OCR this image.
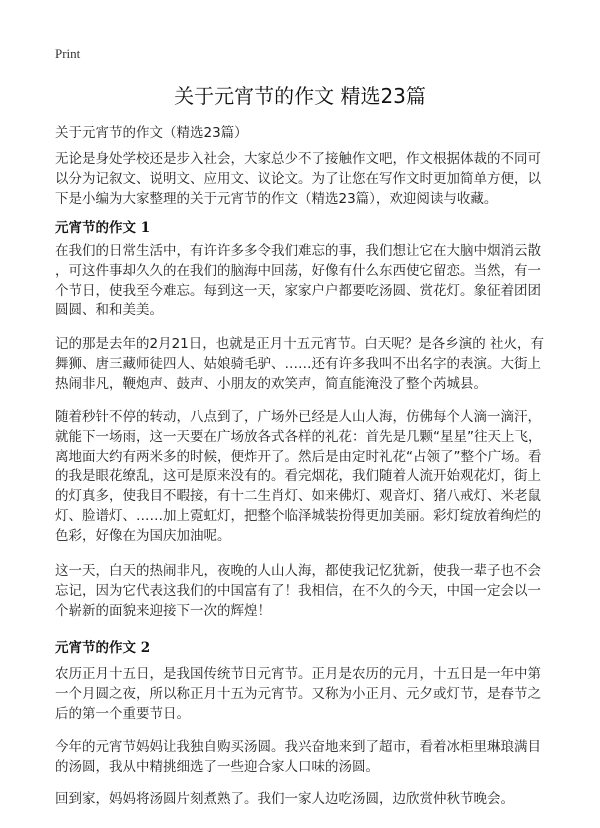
Print
关于元宵节的作文 精选23篇
关于元宵节的作文（精选23篇）
无论是身处学校还是步入社会，大家总少不了接触作文吧，作文根据体裁的不同可
以分为记叙文、说明文、应用文、议论文。为了让您在写作文时更加简单方便，以
下是小编为大家整理的关于元宵节的作文（精选23篇），欢迎阅读与收藏。
元宵节的作文 1
在我们的日常生活中，有许许多多令我们难忘的事，我们想让它在大脑中烟消云散
，可这件事却久久的在我们的脑海中回荡，好像有什么东西使它留恋。当然，有一
个节日，使我至今难忘。每到这一天，家家户户都要吃汤圆、赏花灯。象征着团团
圆圆、和和美美。
记的那是去年的2月21日，也就是正月十五元宵节。白天呢？是各乡演的 社火，有
舞狮、唐三藏师徒四人、姑娘骑毛驴、……还有许多我叫不出名字的表演。大街上
热闹非凡，鞭炮声、鼓声、小朋友的欢笑声，简直能淹没了整个芮城县。
随着秒针不停的转动，八点到了，广场外已经是人山人海，仿佛每个人滴一滴汗，
就能下一场雨，这一天要在广场放各式各样的礼花：首先是几颗“星星”往天上飞，
离地面大约有两米多的时候，便炸开了。然后是由定时礼花“占领了”整个广场。看
的我是眼花缭乱，这可是原来没有的。看完烟花，我们随着人流开始观花灯，街上
的灯真多，使我目不暇接，有十二生肖灯、如来佛灯、观音灯、猪八戒灯、米老鼠
灯、脸谱灯、……加上霓虹灯，把整个临泽城装扮得更加美丽。彩灯绽放着绚烂的
色彩，好像在为国庆加油呢。
这一天，白天的热闹非凡，夜晚的人山人海，都使我记忆犹新，使我一辈子也不会
忘记，因为它代表这我们的中国富有了！我相信，在不久的今天，中国一定会以一
个崭新的面貌来迎接下一次的辉煌！
元宵节的作文 2
农历正月十五日，是我国传统节日元宵节。正月是农历的元月，十五日是一年中第
一个月圆之夜，所以称正月十五为元宵节。又称为小正月、元夕或灯节，是春节之
后的第一个重要节日。
今年的元宵节妈妈让我独自购买汤圆。我兴奋地来到了超市，看着冰柜里琳琅满目
的汤圆，我从中精挑细选了一些迎合家人口味的汤圆。
回到家，妈妈将汤圆片刻煮熟了。我们一家人边吃汤圆，边欣赏仲秋节晚会。
